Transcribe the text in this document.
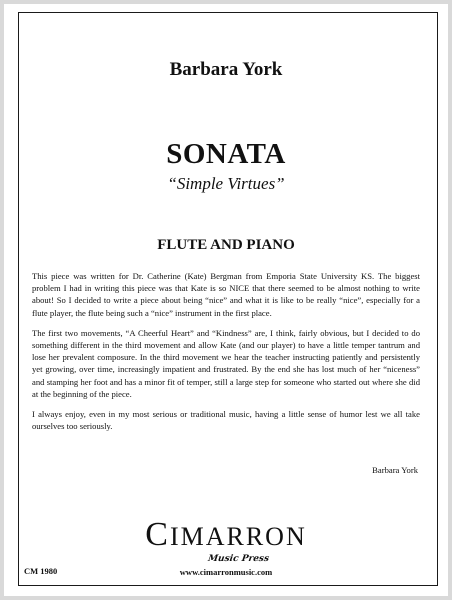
Barbara York
SONATA
“Simple Virtues”
FLUTE AND PIANO

This piece was written for Dr. Catherine (Kate) Bergman from Emporia State University KS. The biggest problem I had in writing this piece was that Kate is so NICE that there seemed to be almost nothing to write about! So I decided to write a piece about being “nice” and what it is like to be really “nice”, especially for a flute player, the flute being such a “nice” instrument in the first place.

The first two movements, “A Cheerful Heart” and “Kindness” are, I think, fairly obvious, but I decided to do something different in the third movement and allow Kate (and our player) to have a little temper tantrum and lose her prevalent composure. In the third movement we hear the teacher instructing patiently and persistently yet growing, over time, increasingly impatient and frustrated. By the end she has lost much of her “niceness” and stamping her foot and has a minor fit of temper, still a large step for someone who started out where she did at the beginning of the piece.

I always enjoy, even in my most serious or traditional music, having a little sense of humor lest we all take ourselves too seriously.

Barbara York
CIMARRON
Music Press
www.cimarronmusic.com
CM 1980
